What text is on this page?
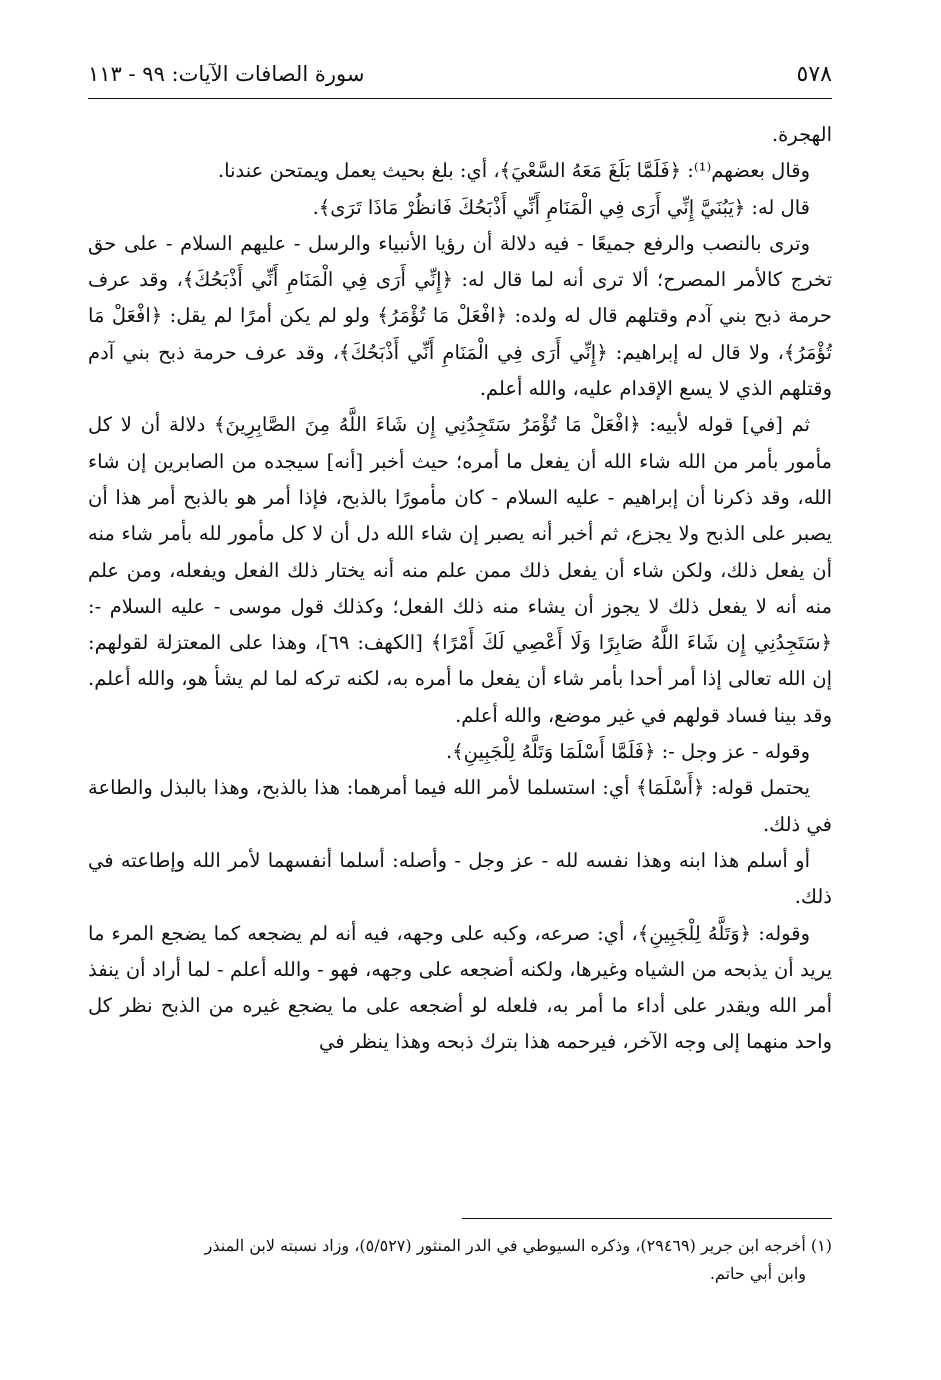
٥٧٨
سورة الصافات الآيات: ٩٩ - ١١٣

الهجرة.

وقال بعضهم⁽¹⁾: ﴿فَلَمَّا بَلَغَ مَعَهُ السَّعْيَ﴾، أي: بلغ بحيث يعمل ويمتحن عندنا.

قال له: ﴿يَبُنَيَّ إِنِّي أَرَى فِي الْمَنَامِ أَنِّي أَذْبَحُكَ فَانظُرْ مَاذَا تَرَى﴾.

وترى بالنصب والرفع جميعًا - فيه دلالة أن رؤيا الأنبياء والرسل - عليهم السلام - على حق تخرج كالأمر المصرح؛ ألا ترى أنه لما قال له: ﴿إِنِّي أَرَى فِي الْمَنَامِ أَنِّي أَذْبَحُكَ﴾، وقد عرف حرمة ذبح بني آدم وقتلهم قال له ولده: ﴿افْعَلْ مَا تُؤْمَرُ﴾ ولو لم يكن أمرًا لم يقل: ﴿افْعَلْ مَا تُؤْمَرُ﴾، ولا قال له إبراهيم: ﴿إِنِّي أَرَى فِي الْمَنَامِ أَنِّي أَذْبَحُكَ﴾، وقد عرف حرمة ذبح بني آدم وقتلهم الذي لا يسع الإقدام عليه، والله أعلم.

ثم [في] قوله لأبيه: ﴿افْعَلْ مَا تُؤْمَرُ سَتَجِدُنِي إِن شَاءَ اللَّهُ مِنَ الصَّابِرِينَ﴾ دلالة أن لا كل مأمور بأمر من الله شاء الله أن يفعل ما أمره؛ حيث أخبر [أنه] سيجده من الصابرين إن شاء الله، وقد ذكرنا أن إبراهيم - عليه السلام - كان مأمورًا بالذبح، فإذا أمر هو بالذبح أمر هذا أن يصبر على الذبح ولا يجزع، ثم أخبر أنه يصبر إن شاء الله دل أن لا كل مأمور لله بأمر شاء منه أن يفعل ذلك، ولكن شاء أن يفعل ذلك ممن علم منه أنه يختار ذلك الفعل ويفعله، ومن علم منه أنه لا يفعل ذلك لا يجوز أن يشاء منه ذلك الفعل؛ وكذلك قول موسى - عليه السلام -: ﴿سَتَجِدُنِي إِن شَاءَ اللَّهُ صَابِرًا وَلَا أَعْصِي لَكَ أَمْرًا﴾ [الكهف: ٦٩]، وهذا على المعتزلة لقولهم: إن الله تعالى إذا أمر أحدا بأمر شاء أن يفعل ما أمره به، لكنه تركه لما لم يشأ هو، والله أعلم. وقد بينا فساد قولهم في غير موضع، والله أعلم.

وقوله - عز وجل -: ﴿فَلَمَّا أَسْلَمَا وَتَلَّهُ لِلْجَبِينِ﴾.

يحتمل قوله: ﴿أَسْلَمَا﴾ أي: استسلما لأمر الله فيما أمرهما: هذا بالذبح، وهذا بالبذل والطاعة في ذلك.

أو أسلم هذا ابنه وهذا نفسه لله - عز وجل - وأصله: أسلما أنفسهما لأمر الله وإطاعته في ذلك.

وقوله: ﴿وَتَلَّهُ لِلْجَبِينِ﴾، أي: صرعه، وكبه على وجهه، فيه أنه لم يضجعه كما يضجع المرء ما يريد أن يذبحه من الشياه وغيرها، ولكنه أضجعه على وجهه، فهو - والله أعلم - لما أراد أن ينفذ أمر الله ويقدر على أداء ما أمر به، فلعله لو أضجعه على ما يضجع غيره من الذبح نظر كل واحد منهما إلى وجه الآخر، فيرحمه هذا بترك ذبحه وهذا ينظر في

(١) أخرجه ابن جرير (٢٩٤٦٩)، وذكره السيوطي في الدر المنثور (٥/٥٢٧)، وزاد نسبته لابن المنذر

وابن أبي حاتم.
